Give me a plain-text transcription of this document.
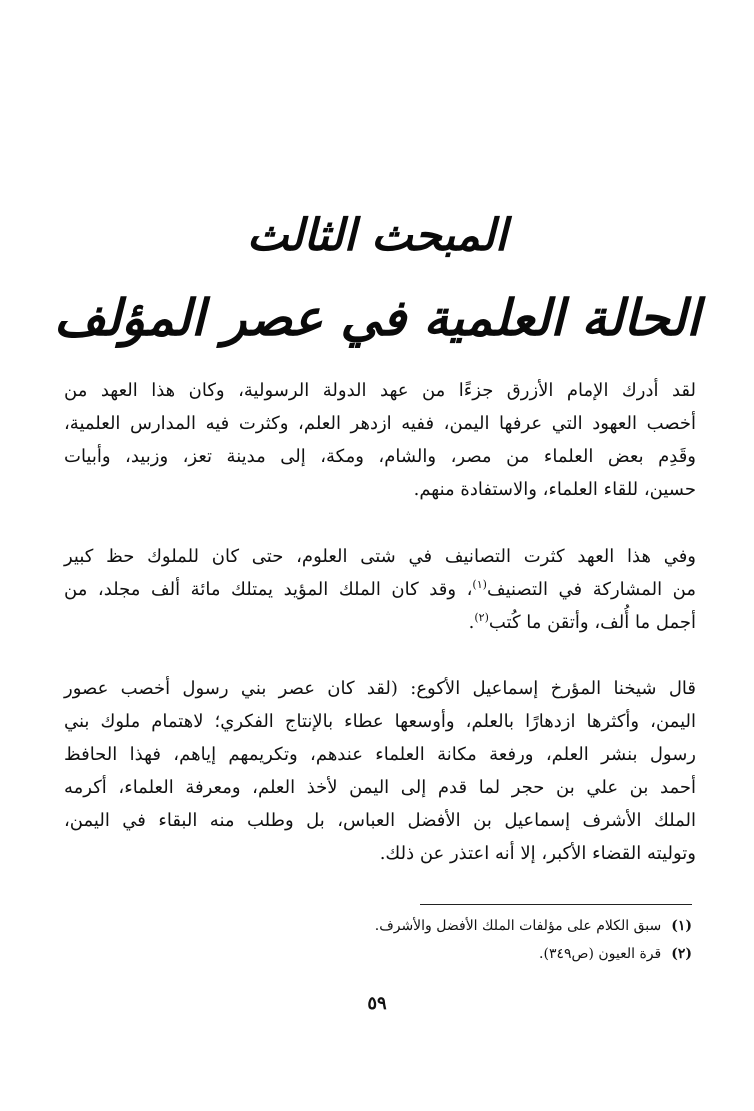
المبحث الثالث
الحالة العلمية في عصر المؤلف

لقد أدرك الإمام الأزرق جزءًا من عهد الدولة الرسولية، وكان هذا العهد من
أخصب العهود التي عرفها اليمن، ففيه ازدهر العلم، وكثرت فيه المدارس العلمية،
وقَدِم بعض العلماء من مصر، والشام، ومكة، إلى مدينة تعز، وزبيد، وأبيات
حسين، للقاء العلماء، والاستفادة منهم.

وفي هذا العهد كثرت التصانيف في شتى العلوم، حتى كان للملوك حظ كبير
من المشاركة في التصنيف$^{(١)}$، وقد كان الملك المؤيد يمتلك مائة ألف مجلد، من
أجمل ما أُلف، وأتقن ما كُتب$^{(٢)}$.

قال شيخنا المؤرخ إسماعيل الأكوع: (لقد كان عصر بني رسول أخصب عصور
اليمن، وأكثرها ازدهارًا بالعلم، وأوسعها عطاء بالإنتاج الفكري؛ لاهتمام ملوك بني
رسول بنشر العلم، ورفعة مكانة العلماء عندهم، وتكريمهم إياهم، فهذا الحافظ
أحمد بن علي بن حجر لما قدم إلى اليمن لأخذ العلم، ومعرفة العلماء، أكرمه
الملك الأشرف إسماعيل بن الأفضل العباس، بل وطلب منه البقاء في اليمن،
وتوليته القضاء الأكبر، إلا أنه اعتذر عن ذلك.

(١)سبق الكلام على مؤلفات الملك الأفضل والأشرف.
(٢)قرة العيون (ص٣٤٩).
٥٩
